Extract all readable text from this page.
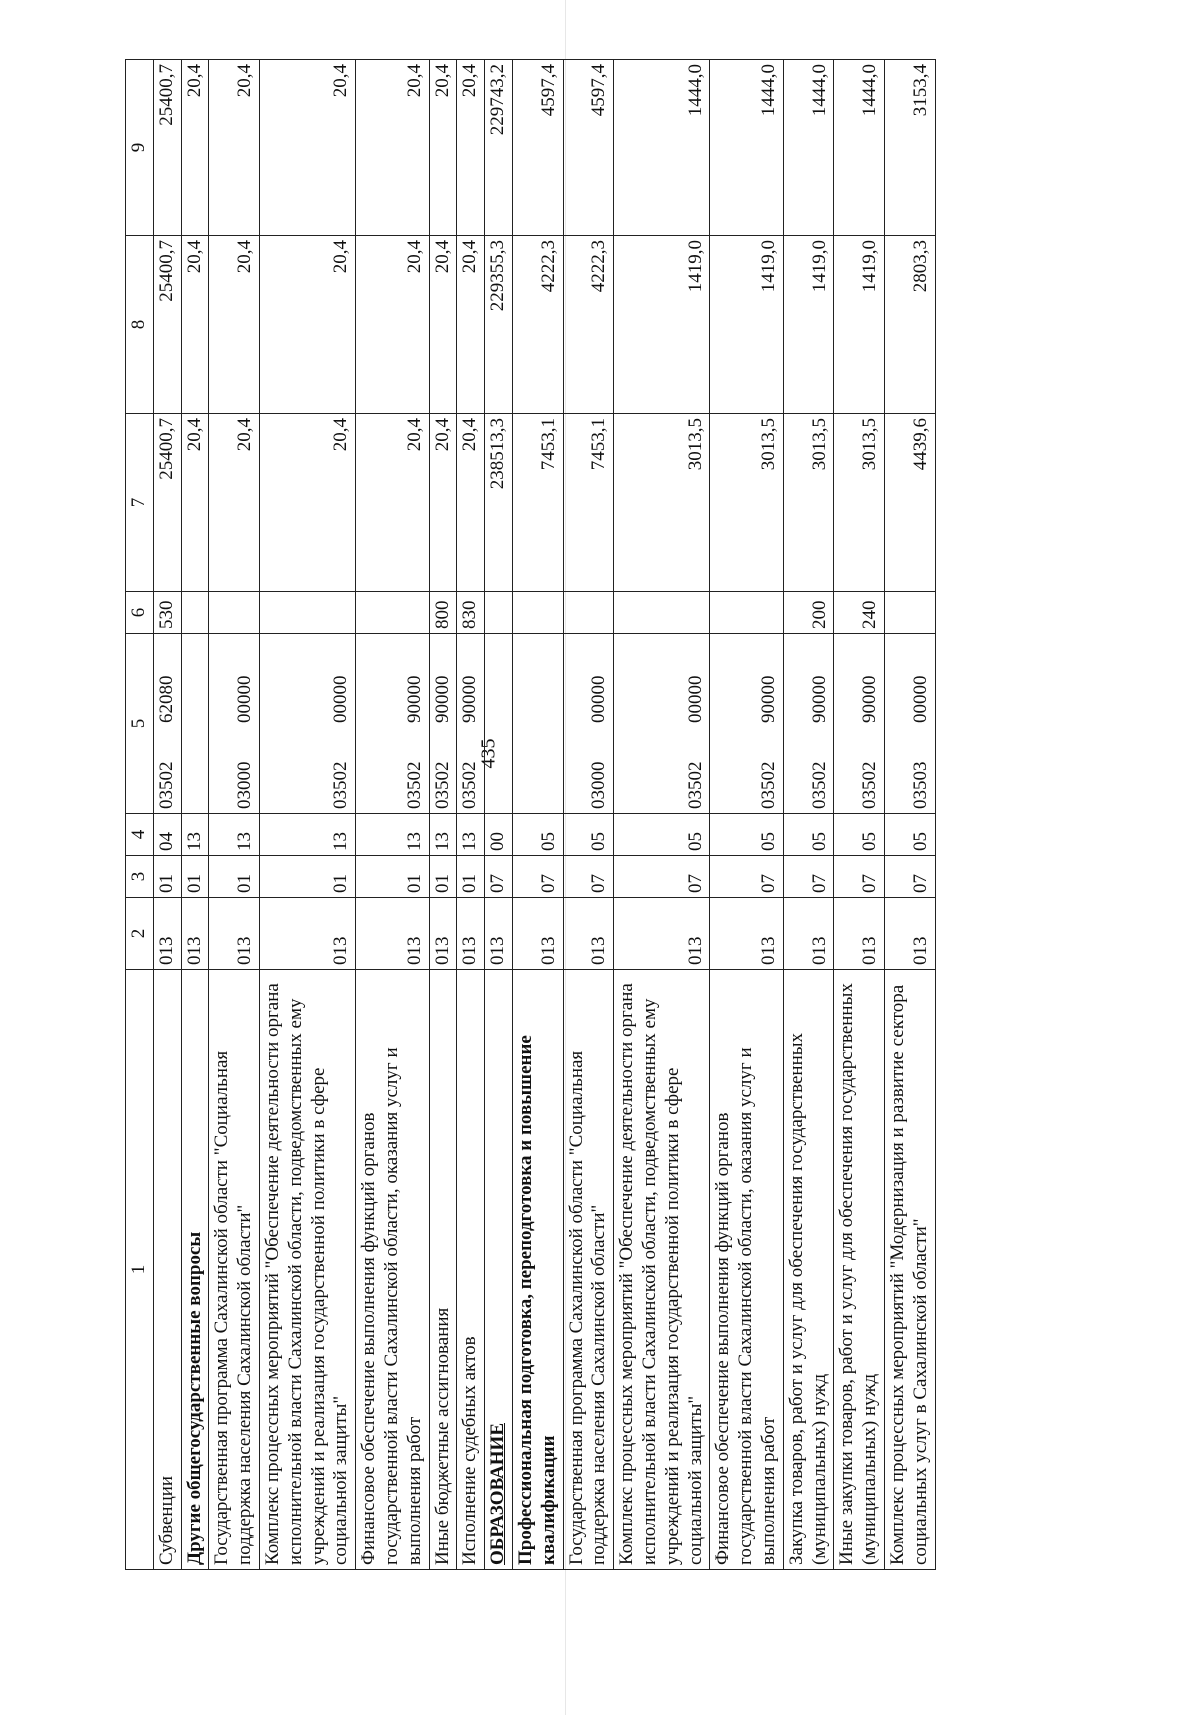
435
1	2	3	4	5	6	7	8	9
Субвенции	013	01	04	0350262080	530	25400,7	25400,7	25400,7
Другие общегосударственные вопросы	013	01	13			20,4	20,4	20,4
Государственная программа Сахалинской области "Социальная поддержка населения Сахалинской области"	013	01	13	0300000000		20,4	20,4	20,4
Комплекс процессных мероприятий "Обеспечение деятельности органа исполнительной власти Сахалинской области, подведомственных ему учреждений и реализация государственной политики в сфере социальной защиты"	013	01	13	0350200000		20,4	20,4	20,4
Финансовое обеспечение выполнения функций органов государственной власти Сахалинской области, оказания услуг и выполнения работ	013	01	13	0350290000		20,4	20,4	20,4
Иные бюджетные ассигнования	013	01	13	0350290000	800	20,4	20,4	20,4
Исполнение судебных актов	013	01	13	0350290000	830	20,4	20,4	20,4
ОБРАЗОВАНИЕ	013	07	00			238513,3	229355,3	229743,2
Профессиональная подготовка, переподготовка и повышение квалификации	013	07	05			7453,1	4222,3	4597,4
Государственная программа Сахалинской области "Социальная поддержка населения Сахалинской области"	013	07	05	0300000000		7453,1	4222,3	4597,4
Комплекс процессных мероприятий "Обеспечение деятельности органа исполнительной власти Сахалинской области, подведомственных ему учреждений и реализация государственной политики в сфере социальной защиты"	013	07	05	0350200000		3013,5	1419,0	1444,0
Финансовое обеспечение выполнения функций органов государственной власти Сахалинской области, оказания услуг и выполнения работ	013	07	05	0350290000		3013,5	1419,0	1444,0
Закупка товаров, работ и услуг для обеспечения государственных (муниципальных) нужд	013	07	05	0350290000	200	3013,5	1419,0	1444,0
Иные закупки товаров, работ и услуг для обеспечения государственных (муниципальных) нужд	013	07	05	0350290000	240	3013,5	1419,0	1444,0
Комплекс процессных мероприятий "Модернизация и развитие сектора социальных услуг в Сахалинской области"	013	07	05	0350300000		4439,6	2803,3	3153,4
